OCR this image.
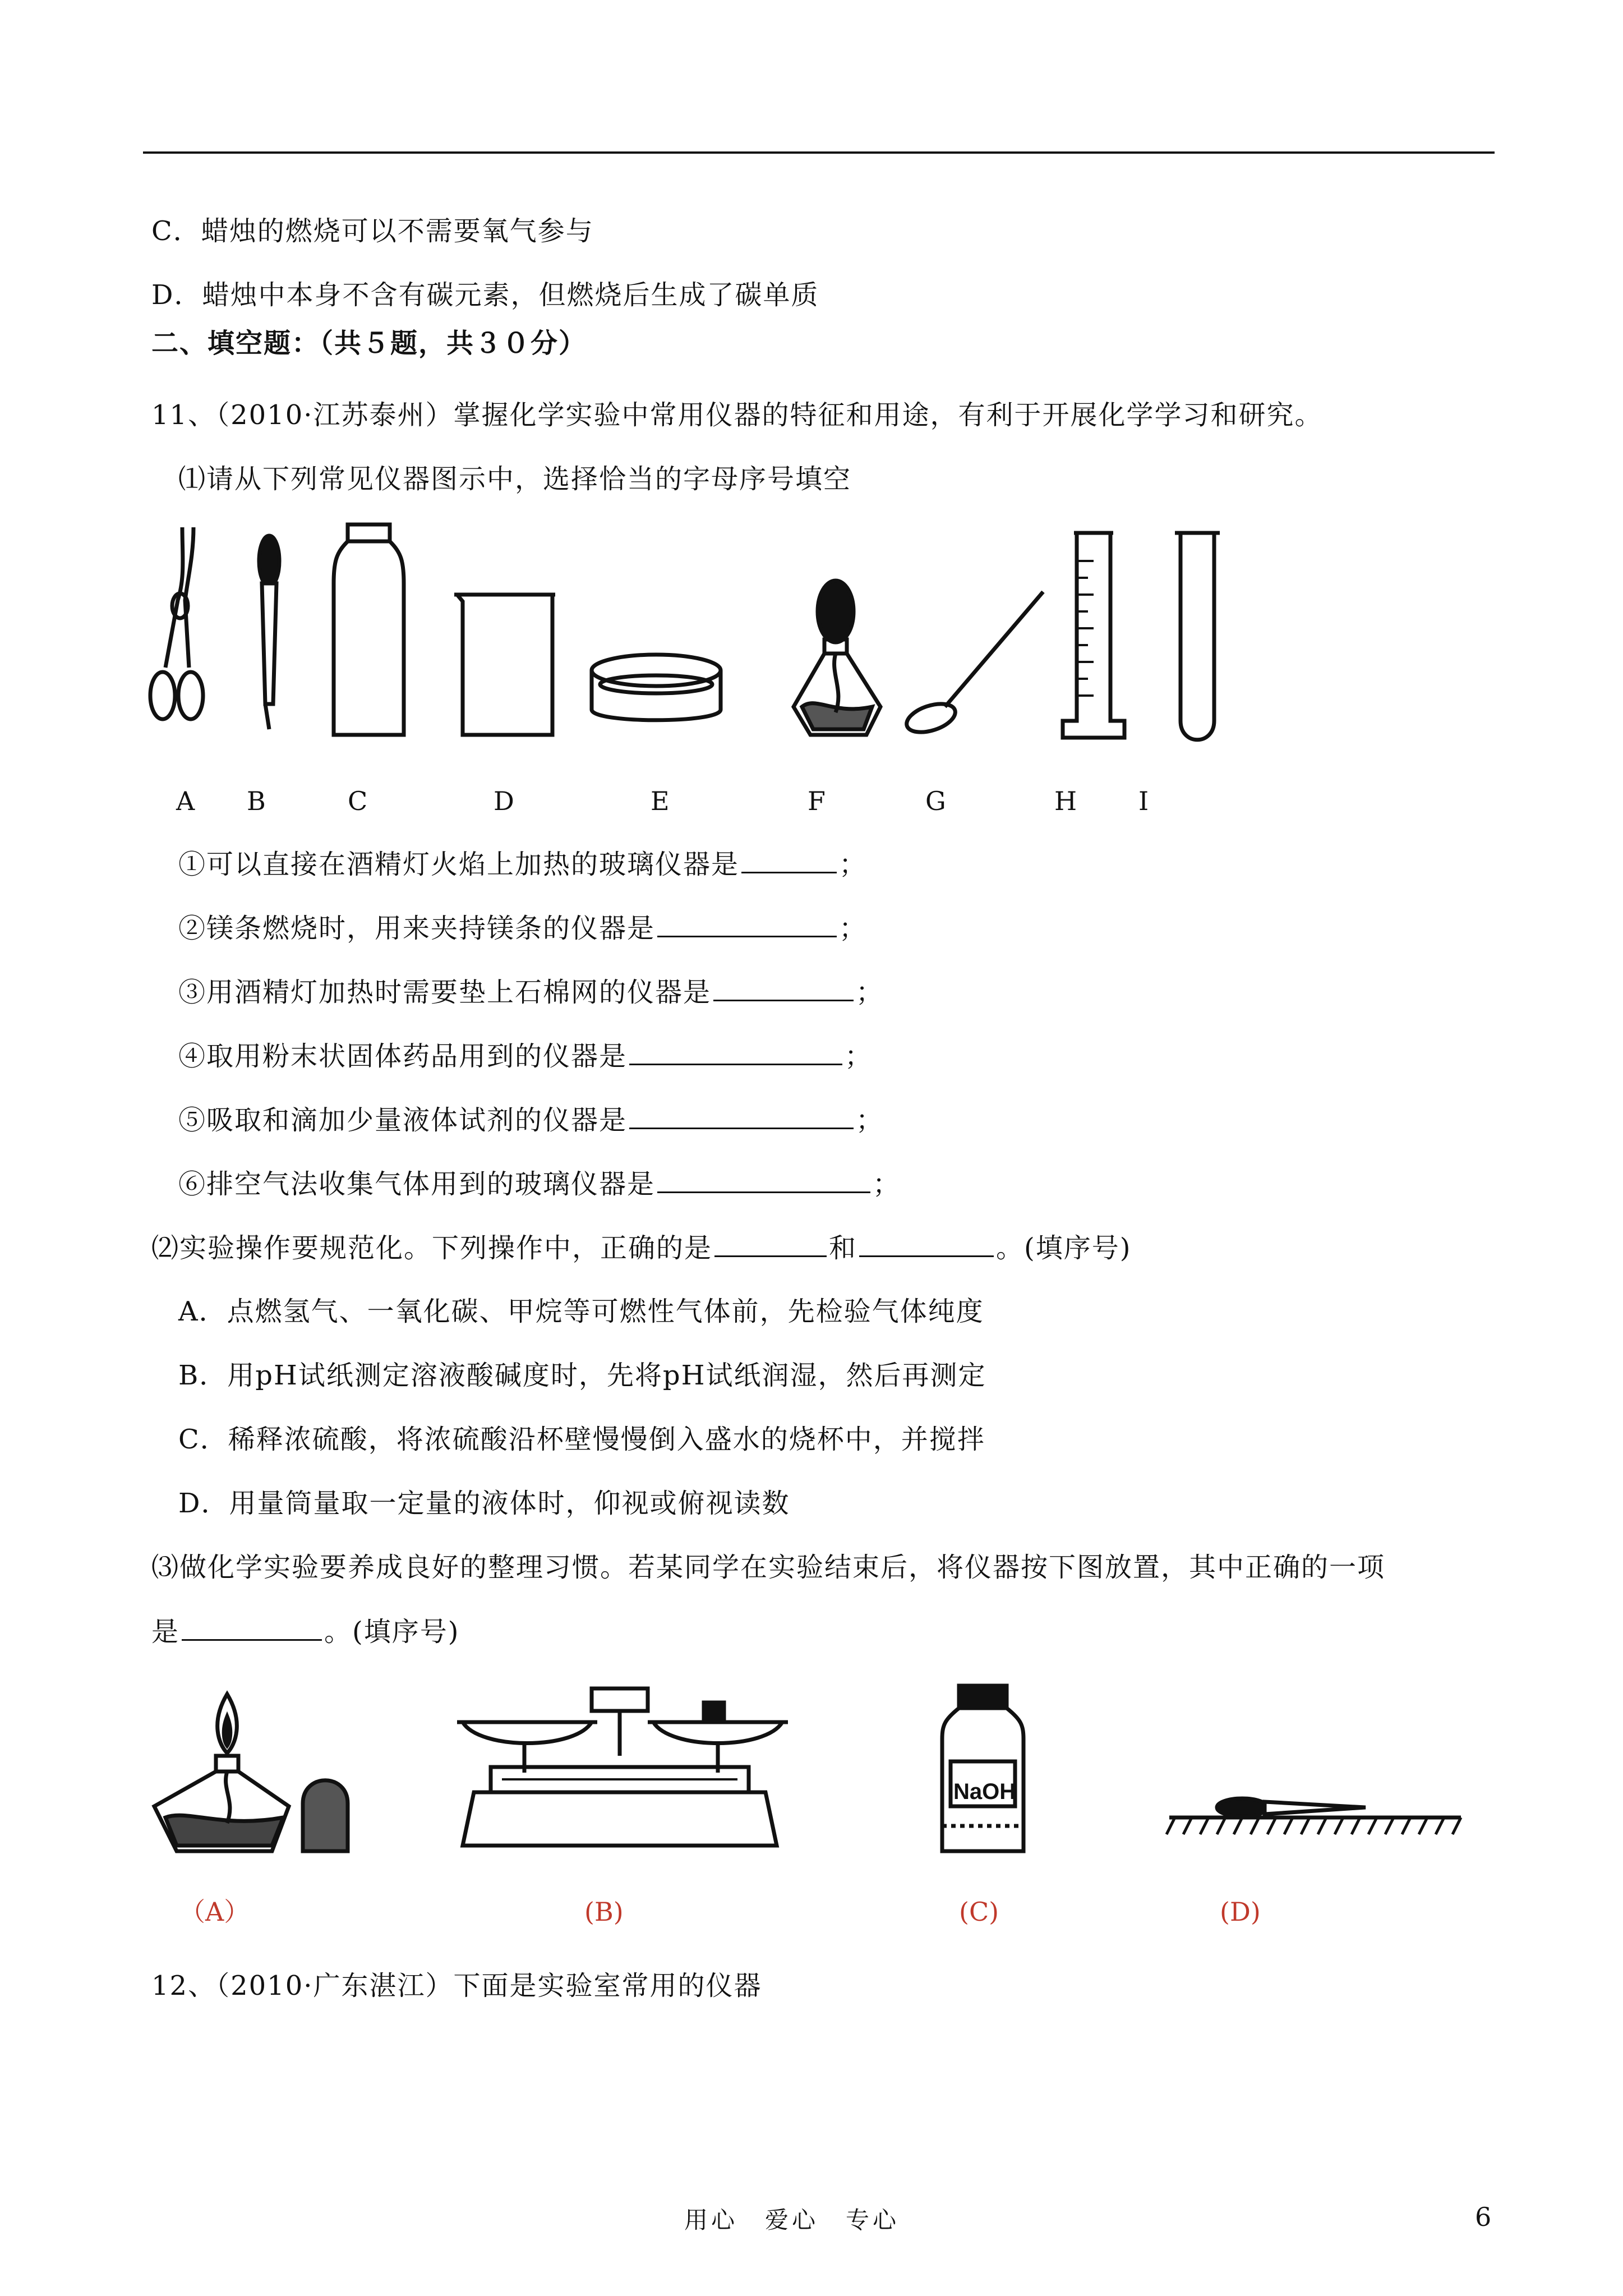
C．蜡烛的燃烧可以不需要氧气参与
D．蜡烛中本身不含有碳元素，但燃烧后生成了碳单质
二、填空题：（共５题，共３０分）
11、（2010·江苏泰州）掌握化学实验中常用仪器的特征和用途，有利于开展化学学习和研究。
⑴请从下列常见仪器图示中，选择恰当的字母序号填空
A B	C	D	E	F	G	H I
①可以直接在酒精灯火焰上加热的玻璃仪器是	；
②镁条燃烧时，用来夹持镁条的仪器是	；
③用酒精灯加热时需要垫上石棉网的仪器是	；
④取用粉末状固体药品用到的仪器是	；
⑤吸取和滴加少量液体试剂的仪器是	；
⑥排空气法收集气体用到的玻璃仪器是	；
⑵实验操作要规范化。下列操作中，正确的是	和	。(填序号)
A．点燃氢气、一氧化碳、甲烷等可燃性气体前，先检验气体纯度
B．用pH试纸测定溶液酸碱度时，先将pH试纸润湿，然后再测定
C．稀释浓硫酸，将浓硫酸沿杯壁慢慢倒入盛水的烧杯中，并搅拌
D．用量筒量取一定量的液体时，仰视或俯视读数
⑶做化学实验要养成良好的整理习惯。若某同学在实验结束后，将仪器按下图放置，其中正确的一项
是	。(填序号)
（A）	(B)	(C)	(D)
NaOH
12、（2010·广东湛江）下面是实验室常用的仪器
用心　爱心　专心	6
